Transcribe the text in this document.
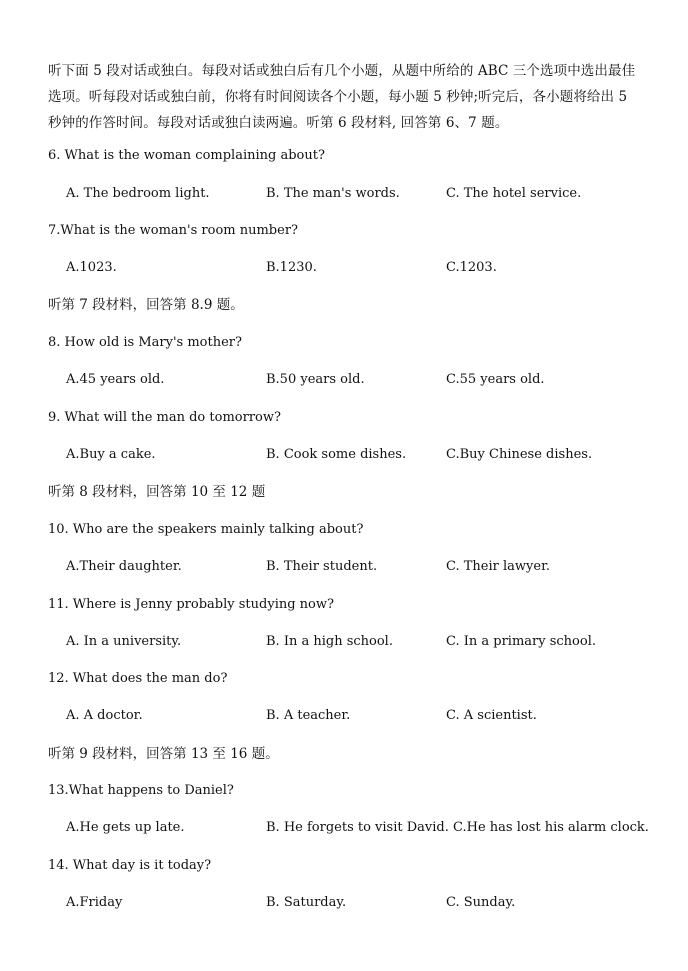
听下面 5 段对话或独白。每段对话或独白后有几个小题，从题中所给的 ABC 三个选项中选出最佳
选项。听每段对话或独白前，你将有时间阅读各个小题，每小题 5 秒钟;听完后，各小题将给出 5
秒钟的作答时间。每段对话或独白读两遍。听第 6 段材料, 回答第 6、7 题。
6. What is the woman complaining about?
A. The bedroom light.	B. The man's words.	C. The hotel service.
7.What is the woman's room number?
A.1023.	B.1230.	C.1203.
听第 7 段材料，回答第 8.9 题。
8. How old is Mary's mother?
A.45 years old.	B.50 years old.	C.55 years old.
9. What will the man do tomorrow?
A.Buy a cake.	B. Cook some dishes.	C.Buy Chinese dishes.
听第 8 段材料，回答第 10 至 12 题
10. Who are the speakers mainly talking about?
A.Their daughter.	B. Their student.	C. Their lawyer.
11. Where is Jenny probably studying now?
A. In a university.	B. In a high school.	C. In a primary school.
12. What does the man do?
A. A doctor.	B. A teacher.	C. A scientist.
听第 9 段材料，回答第 13 至 16 题。
13.What happens to Daniel?
A.He gets up late.	B. He forgets to visit David. C.He has lost his alarm clock.
14. What day is it today?
A.Friday	B. Saturday.	C. Sunday.
